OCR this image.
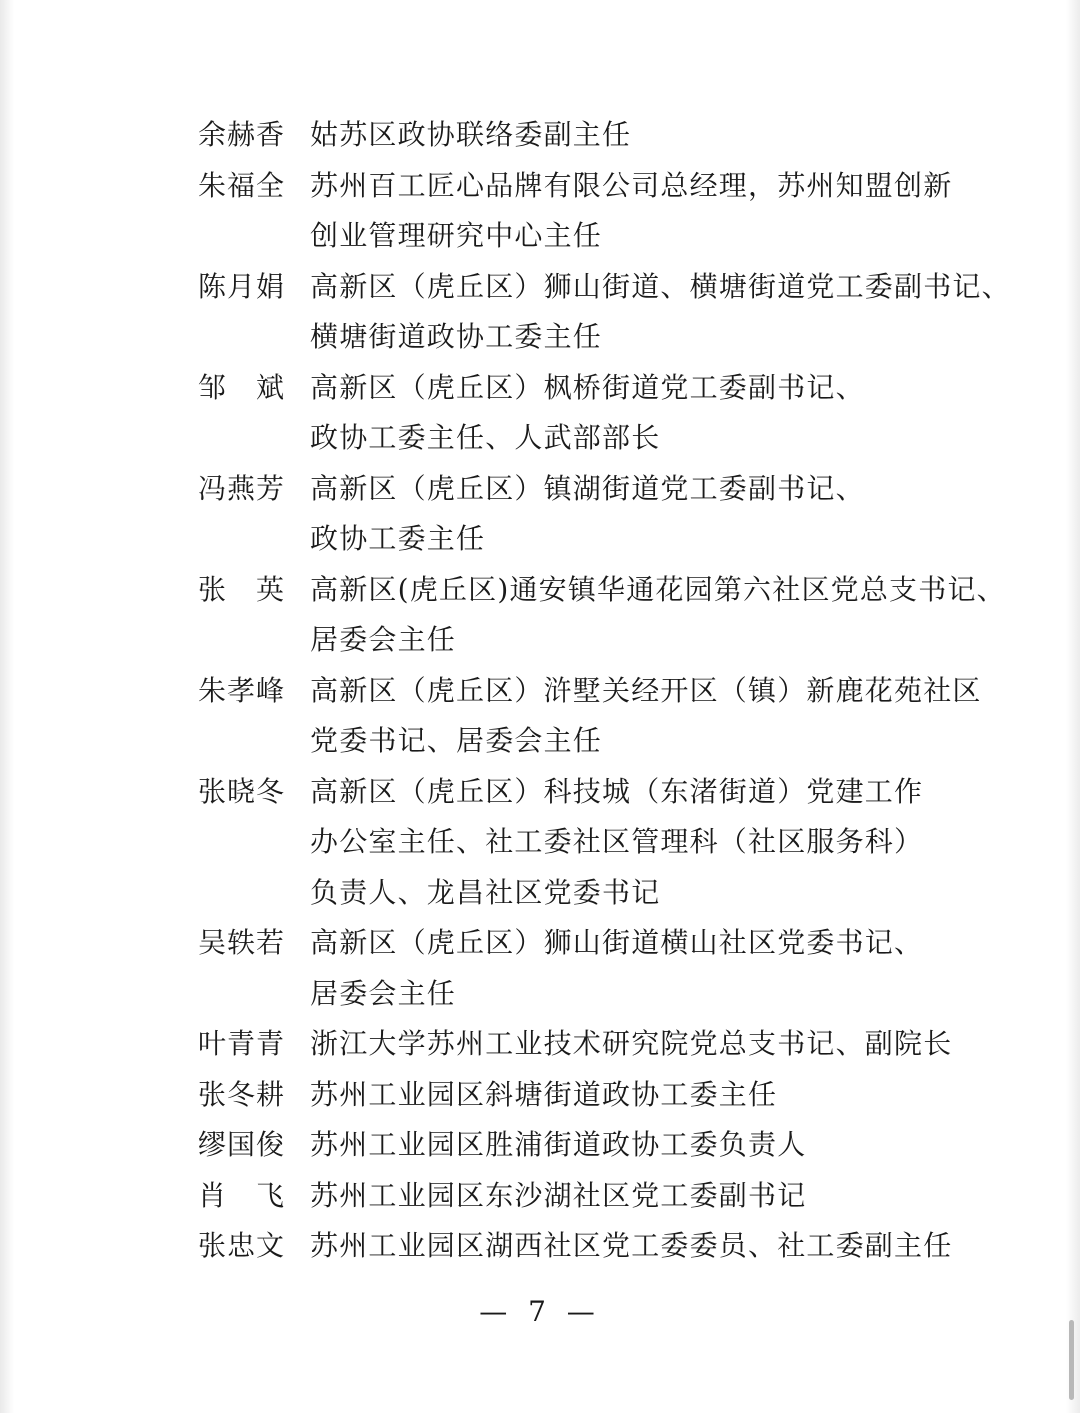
余赫香 姑苏区政协联络委副主任
朱福全 苏州百工匠心品牌有限公司总经理，苏州知盟创新
创业管理研究中心主任
陈月娟 高新区（虎丘区）狮山街道、横塘街道党工委副书记、
横塘街道政协工委主任
邹　斌 高新区（虎丘区）枫桥街道党工委副书记、
政协工委主任、人武部部长
冯燕芳 高新区（虎丘区）镇湖街道党工委副书记、
政协工委主任
张　英 高新区(虎丘区)通安镇华通花园第六社区党总支书记、
居委会主任
朱孝峰 高新区（虎丘区）浒墅关经开区（镇）新鹿花苑社区
党委书记、居委会主任
张晓冬 高新区（虎丘区）科技城（东渚街道）党建工作
办公室主任、社工委社区管理科（社区服务科）
负责人、龙昌社区党委书记
吴轶若 高新区（虎丘区）狮山街道横山社区党委书记、
居委会主任
叶青青 浙江大学苏州工业技术研究院党总支书记、副院长
张冬耕 苏州工业园区斜塘街道政协工委主任
缪国俊 苏州工业园区胜浦街道政协工委负责人
肖　飞 苏州工业园区东沙湖社区党工委副书记
张忠文 苏州工业园区湖西社区党工委委员、社工委副主任
— 7 —
